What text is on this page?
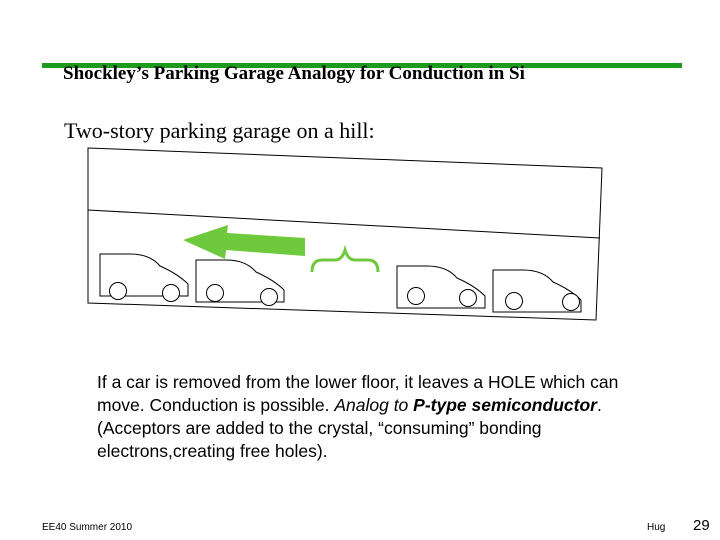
Shockley’s Parking Garage Analogy for Conduction in Si
Two-story parking garage on a hill:
If a car is removed from the lower floor, it leaves a HOLE which can move. Conduction is possible. Analog to P-type semiconductor. (Acceptors are added to the crystal, “consuming” bonding electrons,creating free holes).
EE40 Summer 2010	Hug 29
